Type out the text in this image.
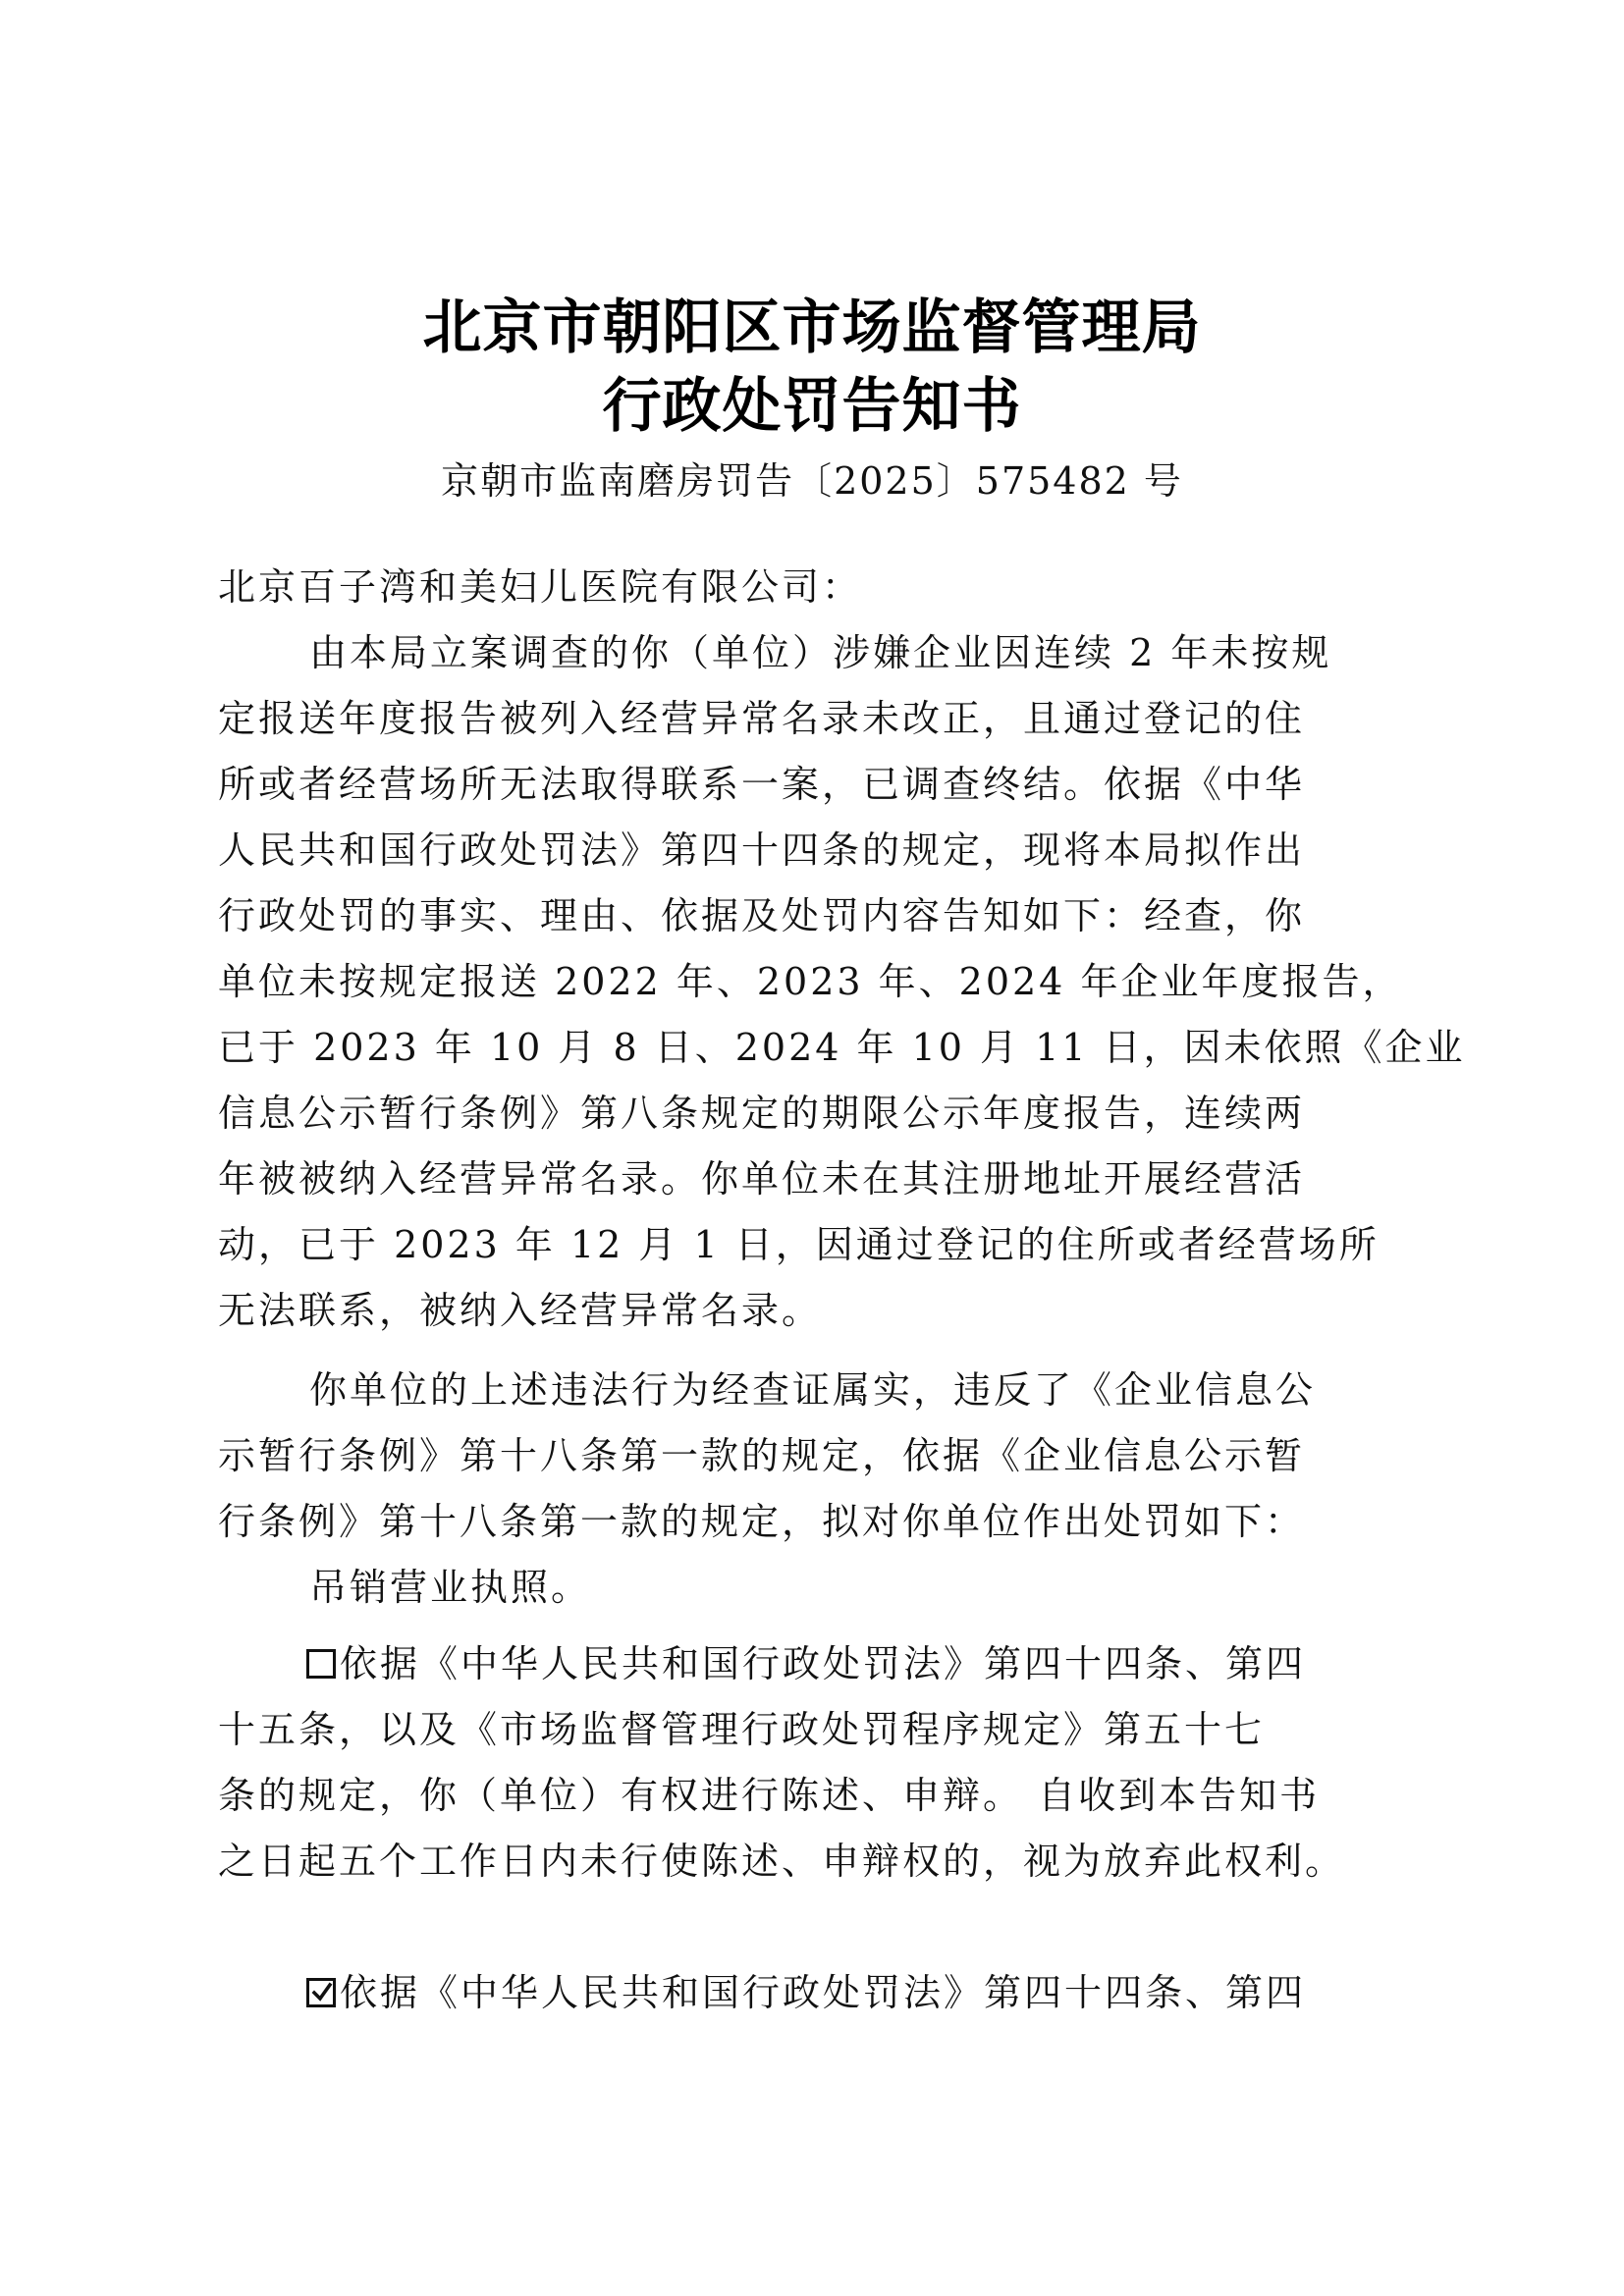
北京市朝阳区市场监督管理局
行政处罚告知书
京朝市监南磨房罚告〔2025〕575482 号
北京百子湾和美妇儿医院有限公司：
由本局立案调查的你（单位）涉嫌企业因连续 2 年未按规
定报送年度报告被列入经营异常名录未改正，且通过登记的住
所或者经营场所无法取得联系一案，已调查终结。依据《中华
人民共和国行政处罚法》第四十四条的规定，现将本局拟作出
行政处罚的事实、理由、依据及处罚内容告知如下：经查，你
单位未按规定报送 2022 年、2023 年、2024 年企业年度报告，
已于 2023 年 10 月 8 日、2024 年 10 月 11 日，因未依照《企业
信息公示暂行条例》第八条规定的期限公示年度报告，连续两
年被被纳入经营异常名录。你单位未在其注册地址开展经营活
动，已于 2023 年 12 月 1 日，因通过登记的住所或者经营场所
无法联系，被纳入经营异常名录。
你单位的上述违法行为经查证属实，违反了《企业信息公
示暂行条例》第十八条第一款的规定，依据《企业信息公示暂
行条例》第十八条第一款的规定，拟对你单位作出处罚如下：
吊销营业执照。
依据《中华人民共和国行政处罚法》第四十四条、第四
十五条，以及《市场监督管理行政处罚程序规定》第五十七
条的规定，你（单位）有权进行陈述、申辩。 自收到本告知书
之日起五个工作日内未行使陈述、申辩权的，视为放弃此权利。
依据《中华人民共和国行政处罚法》第四十四条、第四
